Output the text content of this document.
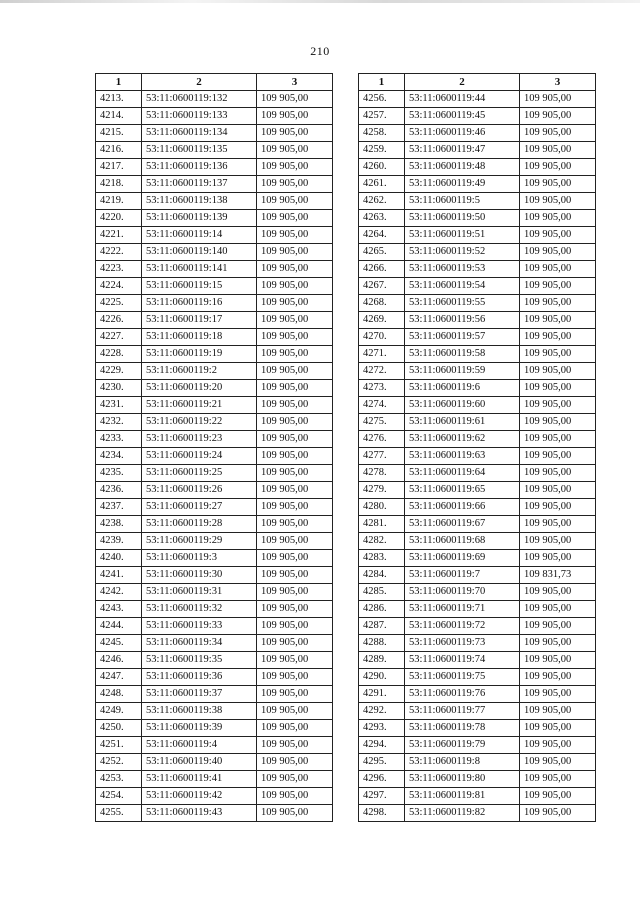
210
1	2	3
4213.	53:11:0600119:132	109 905,00
4214.	53:11:0600119:133	109 905,00
4215.	53:11:0600119:134	109 905,00
4216.	53:11:0600119:135	109 905,00
4217.	53:11:0600119:136	109 905,00
4218.	53:11:0600119:137	109 905,00
4219.	53:11:0600119:138	109 905,00
4220.	53:11:0600119:139	109 905,00
4221.	53:11:0600119:14	109 905,00
4222.	53:11:0600119:140	109 905,00
4223.	53:11:0600119:141	109 905,00
4224.	53:11:0600119:15	109 905,00
4225.	53:11:0600119:16	109 905,00
4226.	53:11:0600119:17	109 905,00
4227.	53:11:0600119:18	109 905,00
4228.	53:11:0600119:19	109 905,00
4229.	53:11:0600119:2	109 905,00
4230.	53:11:0600119:20	109 905,00
4231.	53:11:0600119:21	109 905,00
4232.	53:11:0600119:22	109 905,00
4233.	53:11:0600119:23	109 905,00
4234.	53:11:0600119:24	109 905,00
4235.	53:11:0600119:25	109 905,00
4236.	53:11:0600119:26	109 905,00
4237.	53:11:0600119:27	109 905,00
4238.	53:11:0600119:28	109 905,00
4239.	53:11:0600119:29	109 905,00
4240.	53:11:0600119:3	109 905,00
4241.	53:11:0600119:30	109 905,00
4242.	53:11:0600119:31	109 905,00
4243.	53:11:0600119:32	109 905,00
4244.	53:11:0600119:33	109 905,00
4245.	53:11:0600119:34	109 905,00
4246.	53:11:0600119:35	109 905,00
4247.	53:11:0600119:36	109 905,00
4248.	53:11:0600119:37	109 905,00
4249.	53:11:0600119:38	109 905,00
4250.	53:11:0600119:39	109 905,00
4251.	53:11:0600119:4	109 905,00
4252.	53:11:0600119:40	109 905,00
4253.	53:11:0600119:41	109 905,00
4254.	53:11:0600119:42	109 905,00
4255.	53:11:0600119:43	109 905,00
1	2	3
4256.	53:11:0600119:44	109 905,00
4257.	53:11:0600119:45	109 905,00
4258.	53:11:0600119:46	109 905,00
4259.	53:11:0600119:47	109 905,00
4260.	53:11:0600119:48	109 905,00
4261.	53:11:0600119:49	109 905,00
4262.	53:11:0600119:5	109 905,00
4263.	53:11:0600119:50	109 905,00
4264.	53:11:0600119:51	109 905,00
4265.	53:11:0600119:52	109 905,00
4266.	53:11:0600119:53	109 905,00
4267.	53:11:0600119:54	109 905,00
4268.	53:11:0600119:55	109 905,00
4269.	53:11:0600119:56	109 905,00
4270.	53:11:0600119:57	109 905,00
4271.	53:11:0600119:58	109 905,00
4272.	53:11:0600119:59	109 905,00
4273.	53:11:0600119:6	109 905,00
4274.	53:11:0600119:60	109 905,00
4275.	53:11:0600119:61	109 905,00
4276.	53:11:0600119:62	109 905,00
4277.	53:11:0600119:63	109 905,00
4278.	53:11:0600119:64	109 905,00
4279.	53:11:0600119:65	109 905,00
4280.	53:11:0600119:66	109 905,00
4281.	53:11:0600119:67	109 905,00
4282.	53:11:0600119:68	109 905,00
4283.	53:11:0600119:69	109 905,00
4284.	53:11:0600119:7	109 831,73
4285.	53:11:0600119:70	109 905,00
4286.	53:11:0600119:71	109 905,00
4287.	53:11:0600119:72	109 905,00
4288.	53:11:0600119:73	109 905,00
4289.	53:11:0600119:74	109 905,00
4290.	53:11:0600119:75	109 905,00
4291.	53:11:0600119:76	109 905,00
4292.	53:11:0600119:77	109 905,00
4293.	53:11:0600119:78	109 905,00
4294.	53:11:0600119:79	109 905,00
4295.	53:11:0600119:8	109 905,00
4296.	53:11:0600119:80	109 905,00
4297.	53:11:0600119:81	109 905,00
4298.	53:11:0600119:82	109 905,00
